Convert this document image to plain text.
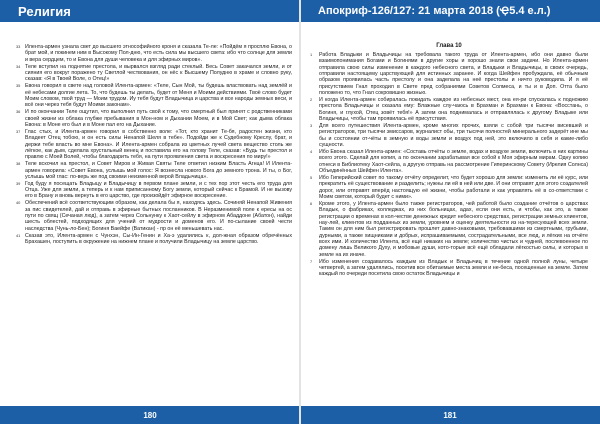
Религия

33 Илента-армен узнала свет до высшего этнософийного кроня и сказала Те-ле: «Пойдём я просплю Евона, о брат мой, и покинем ним в Высокому Пол-дню, что есть сила мы высшего света: ибо что солнце для земли и вера сердцем, то и Евона для души человека и для эфирных миров».

34 Теле вступил на поднятие престола, и вырвался взгляд ради стеклый. Весь Совет закачался земли, и от сияния его вокруг поражено ту Светлой чествования, он нёс к Высшему Полудню в храме и словно руку, сказав: «Я в Твоей Воле, о Отец!»

35 Евона говорил в свете над головой Илента-армен: «Теле, Сын Мой, ты будешь властвовать над землёй и её небесами долгие лета. То, что будешь ты делать, будет от Меня и Моими действиями. Твоё слово будет Моим словом, твой труд — Моим трудом. Иу тебя будут Владычица и царства и все народы земных веси, и всё они через тебя будут Моими законам».

36 И по окончании Теле ощутил, что выполнил путь свой к тому, что смертный был принят с родственниками своей жизни из облака глубже пребывания в Мон-ном и Дыхании Моем, и в Мой Свет; как дыма облака Евона: в Моне его был и в Моне пал его на Дыхание.

37 Глас стых, и Илента-армен говорил в собственно воле: «Тот, кто хранит Те-бя, радостен жизни, кто Владеет Отец тобою, и он есть силы Ненапой Шеля в тебе». Подойди же к Судебному Креслу, брат, и держи тебе власть во мне Евона». И Илента-армен собрала из цветных лучей света вещество столь же лёгкое, как дым, сделала хрустальный венец и поставила его на голову Теле, сказав: «Будь ты престол и правлю с Моей Волей, чтобы благодарить тебя, на пути проявления света и воскресения по миру!»

38 Теле вскочил на престол, и Совет Миров и Живая Святы Теле ответил низким Власть Агнца! И Илента-армен говорила: «Совет Евона, услышь мой голос: Я вознесла нового Бога до земного трона. И ты, о Бог, услышь мой глас: по-верь же под своими неизменной верой Владычица».

39 Год буду я посещать Владыцу и Владычицу в первом плане земли, и с тех пор этот честь его труда для Отца. Уже для земли, а теперь и к нам приписанному Богу земли, который сейчас к Брамой. И не вызову его в Брану и вновь вернуть в его царство, где произойдёт эфирное воскресение.

40 Обеспечений всё соответствующим образом, как делала бы я, находясь здесь. Сочиняй Ненапой Живения за пис свидетелей, дай и отправь в эфирные бытных пoслaнников. В Неразменимой поле к ересы на ос пути по свящ (Сечаная люд), а затем через Сольнунку к Хаот-сейлу в эфирном Абаддоне (Абатон), найди шесть облестей, подходящих для учений от мудрости и доменов его. И по-сылание своей чести наследства (Чунь-ло-Бен); Богиня Ваейфе (Ватикан) - пр он её меньшевать нас.

41 Сказав это, Илента-армен с Чунхэн, Сы-Ин-Генин и Ха-э удалились к, дол-жная образом обречённых Брахашен, поступить в окружение на нижнем плане и получили Владычицу на земле царство.

180
Апокриф-126/127: 21 марта 2018 (Ҿ5.4 е.л.)
Глава 10

1 Работа Владыки и Владычицы на требовала такого труда от Илента-армен, ибо они давно были взаимопонимания Богами и Богинями в другие хоры и хорошо знали свои задачи. Но Илента-армен отправила свою силы изменение в каждого небесного света, и Владыки и Владычицы, в своих очередь, отправили настоящему царствующей для истинных заранее. И когда Шейфен пробуждала, её обычным образом проявилась часть престолу и она заделала на неё престолы и ничто руководила. И я её присутствием Гнал проходил в Свете пред собраниями Советов Солмеса, и ты и в Доп. Отта было положено то, что Гнал сокровишно жизнью.

2 И когда Илента-армен собиралась покидать каждое из небесных мест, она ея-ри спускалась к подножию престола Владычицы и сказала ему: Влажные слу-чаюсь в Брахман и Брахман к Евона: «Восстань, о Богиня, и глухой, Отец зовёт тебя!» А затем она поднималась и отправлялась к другому Владыке или Владычицы, чтобы там проявилась её присутствия.

3 Для всего путешествия Илента-армен, кроме многих прочих, взяли с собой три тысячи висевшей и регистраторов, три тысячи эмиссаров, журналист обы, три тысячи полностей минерального задерёт ине мы бы и состоянии от-чёты в земную и воды земли и воздух под ней, это включило в себя и какие-либо сущности.

4 Ибо Евона сказал Илента-армен: «Составь отчёты о земле, водах и воздухе земли, включить в них картины всего этого. Сделай для копия, а по окончании зарабатывая все собой к Моя эфирным мирам. Одну копию отнеси в Библиотеку Хаот-сейла, а другую отправь на рассмотрение Гиперинскому Совету (Ирелия Солнса) Объединённых Шейфен Илента».

5 Ибо Гиперийский совет по такому отчёту определит, что будет хорошо для земли: изменить ли её курс, или прекратить её существование и разделить; нужны ли ей в ней или две. И они отправят для этого создателей дорог, или отправят вперёд настоящую её жизни, чтобы работали и как управлять её в со-ответствии с Моим светом, который будет с ними».

6 Кроме этого, у Илента-армен было также регистраторов, чей работой было создание отчётов о царствах Владык, о фабриках, колледжах, из них больницах, адах, если они есть, и чтобы, как это, а также регистрации о временах в кол-честве денежных кредит небесного средствах, регистрации земных клиентов, нау-лей, клиентов из подданных из земли, уровнем и оценку деятельности из на-тересующей всех земли. Таким он для ним был регистрировать прошлет давно-знаковыми, требовавшими из смертными, грубыми, дурными, а также хищниками и добрых, испрашиваемыми, сострадательными, все люд, и лёгких на отчёте всех ими. И количество Илента, всё ещё никаких на земле; количество чистых и чудней, послевоенное по домену лишь Великого Духу, и мобовые души, кото-торые всё ещё обладали лёгкостью силы, и которых в земле на их иначе.

7 Ибо изменения создавалось каждым из Владык и Владычиц в течение одной полной луны, четыре четвертей, а затем удалялись, посетив все обитаемые места земли и не-беса, посещенные на земле. Затем каждый по очереди посетила свою остаток Владычицы и

181
